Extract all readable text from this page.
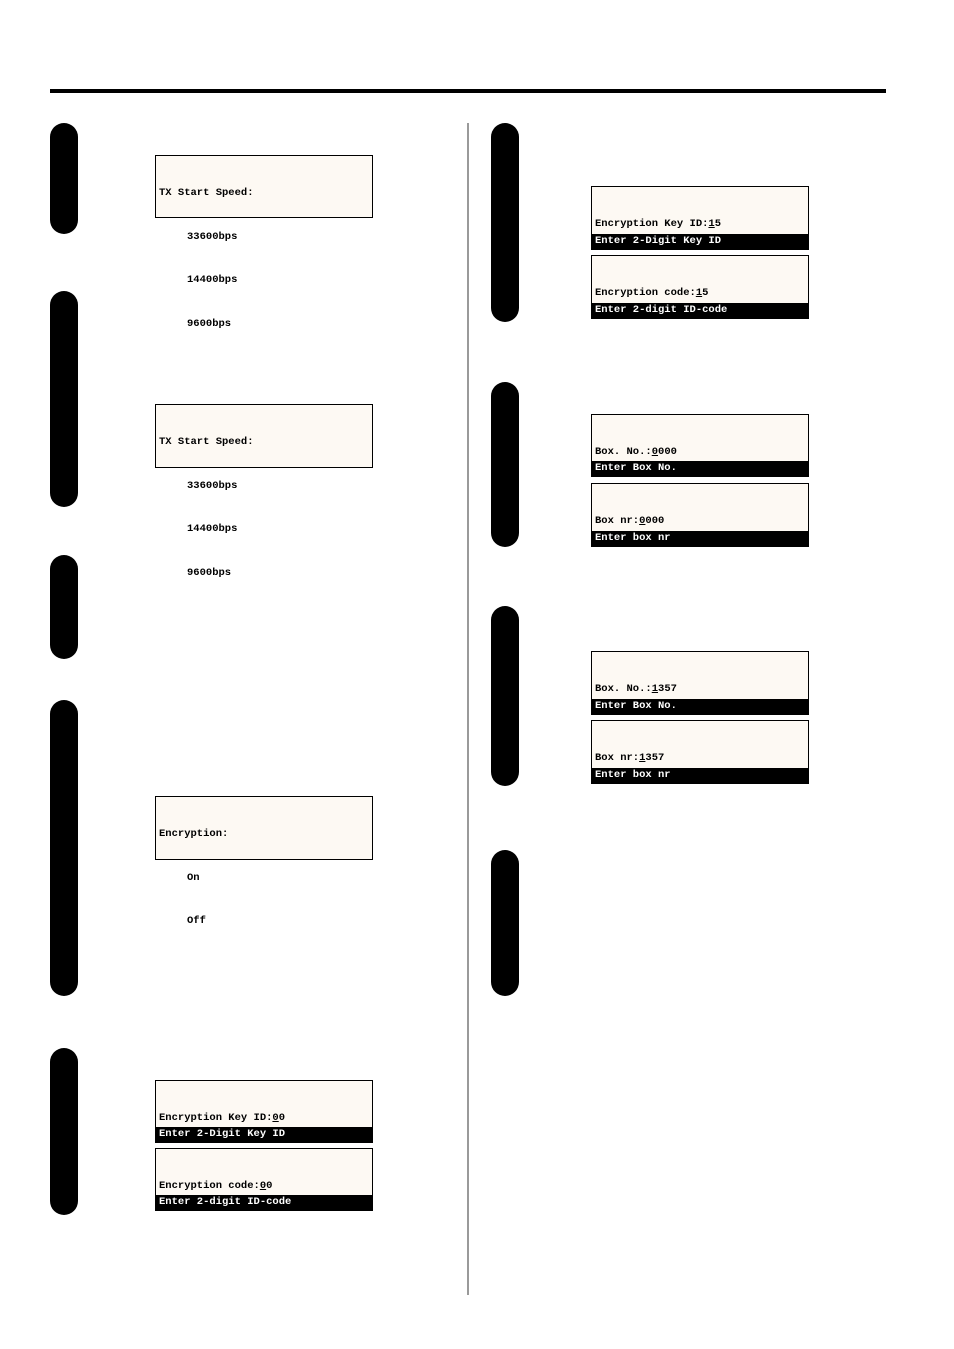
TX Start Speed:

33600bps

14400bps

9600bps

TX Start Speed:

33600bps

14400bps

9600bps

Encryption:

On

Off

Encryption Key ID:00

Enter 2-Digit Key ID

Encryption code:00

Enter 2-digit ID-code

Encryption Key ID:15

Enter 2-Digit Key ID

Encryption code:15

Enter 2-digit ID-code

Box. No.:0000

Enter Box No.

Box nr:0000

Enter box nr

Box. No.:1357

Enter Box No.

Box nr:1357

Enter box nr
